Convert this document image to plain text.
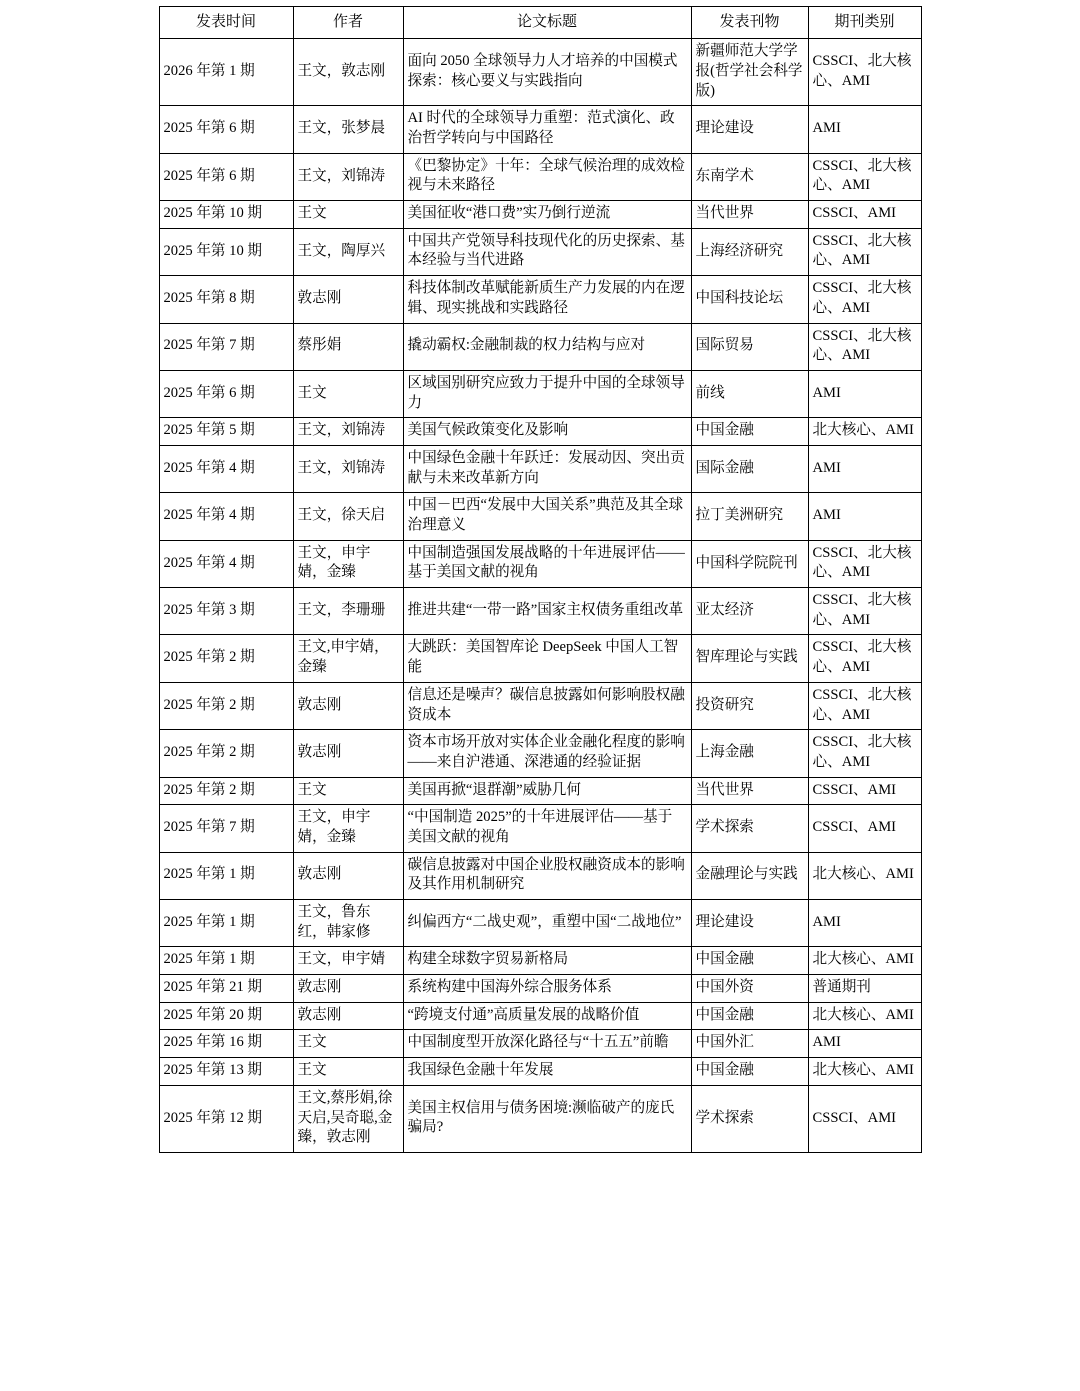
发表时间	作者	论文标题	发表刊物	期刊类别
2026 年第 1 期	王文，敦志刚	面向 2050 全球领导力人才培养的中国模式探索：核心要义与实践指向	新疆师范大学学报(哲学社会科学版)	CSSCI、北大核心、AMI
2025 年第 6 期	王文，张梦晨	AI 时代的全球领导力重塑：范式演化、政治哲学转向与中国路径	理论建设	AMI
2025 年第 6 期	王文，刘锦涛	《巴黎协定》十年：全球气候治理的成效检视与未来路径	东南学术	CSSCI、北大核心、AMI
2025 年第 10 期	王文	美国征收“港口费”实乃倒行逆流	当代世界	CSSCI、AMI
2025 年第 10 期	王文，陶厚兴	中国共产党领导科技现代化的历史探索、基本经验与当代进路	上海经济研究	CSSCI、北大核心、AMI
2025 年第 8 期	敦志刚	科技体制改革赋能新质生产力发展的内在逻辑、现实挑战和实践路径	中国科技论坛	CSSCI、北大核心、AMI
2025 年第 7 期	蔡彤娟	撬动霸权:金融制裁的权力结构与应对	国际贸易	CSSCI、北大核心、AMI
2025 年第 6 期	王文	区域国别研究应致力于提升中国的全球领导力	前线	AMI
2025 年第 5 期	王文，刘锦涛	美国气候政策变化及影响	中国金融	北大核心、AMI
2025 年第 4 期	王文，刘锦涛	中国绿色金融十年跃迁：发展动因、突出贡献与未来改革新方向	国际金融	AMI
2025 年第 4 期	王文，徐天启	中国－巴西“发展中大国关系”典范及其全球治理意义	拉丁美洲研究	AMI
2025 年第 4 期	王文，申宇婧，金臻	中国制造强国发展战略的十年进展评估——基于美国文献的视角	中国科学院院刊	CSSCI、北大核心、AMI
2025 年第 3 期	王文，李珊珊	推进共建“一带一路”国家主权债务重组改革	亚太经济	CSSCI、北大核心、AMI
2025 年第 2 期	王文,申宇婧，金臻	大跳跃：美国智库论 DeepSeek 中国人工智能	智库理论与实践	CSSCI、北大核心、AMI
2025 年第 2 期	敦志刚	信息还是噪声？碳信息披露如何影响股权融资成本	投资研究	CSSCI、北大核心、AMI
2025 年第 2 期	敦志刚	资本市场开放对实体企业金融化程度的影响——来自沪港通、深港通的经验证据	上海金融	CSSCI、北大核心、AMI
2025 年第 2 期	王文	美国再掀“退群潮”威胁几何	当代世界	CSSCI、AMI
2025 年第 7 期	王文，申宇婧，金臻	“中国制造 2025”的十年进展评估——基于美国文献的视角	学术探索	CSSCI、AMI
2025 年第 1 期	敦志刚	碳信息披露对中国企业股权融资成本的影响及其作用机制研究	金融理论与实践	北大核心、AMI
2025 年第 1 期	王文，鲁东红，韩家修	纠偏西方“二战史观”，重塑中国“二战地位”	理论建设	AMI
2025 年第 1 期	王文，申宇婧	构建全球数字贸易新格局	中国金融	北大核心、AMI
2025 年第 21 期	敦志刚	系统构建中国海外综合服务体系	中国外资	普通期刊
2025 年第 20 期	敦志刚	“跨境支付通”高质量发展的战略价值	中国金融	北大核心、AMI
2025 年第 16 期	王文	中国制度型开放深化路径与“十五五”前瞻	中国外汇	AMI
2025 年第 13 期	王文	我国绿色金融十年发展	中国金融	北大核心、AMI
2025 年第 12 期	王文,蔡彤娟,徐天启,吴奇聪,金臻，敦志刚	美国主权信用与债务困境:濒临破产的庞氏骗局?	学术探索	CSSCI、AMI
